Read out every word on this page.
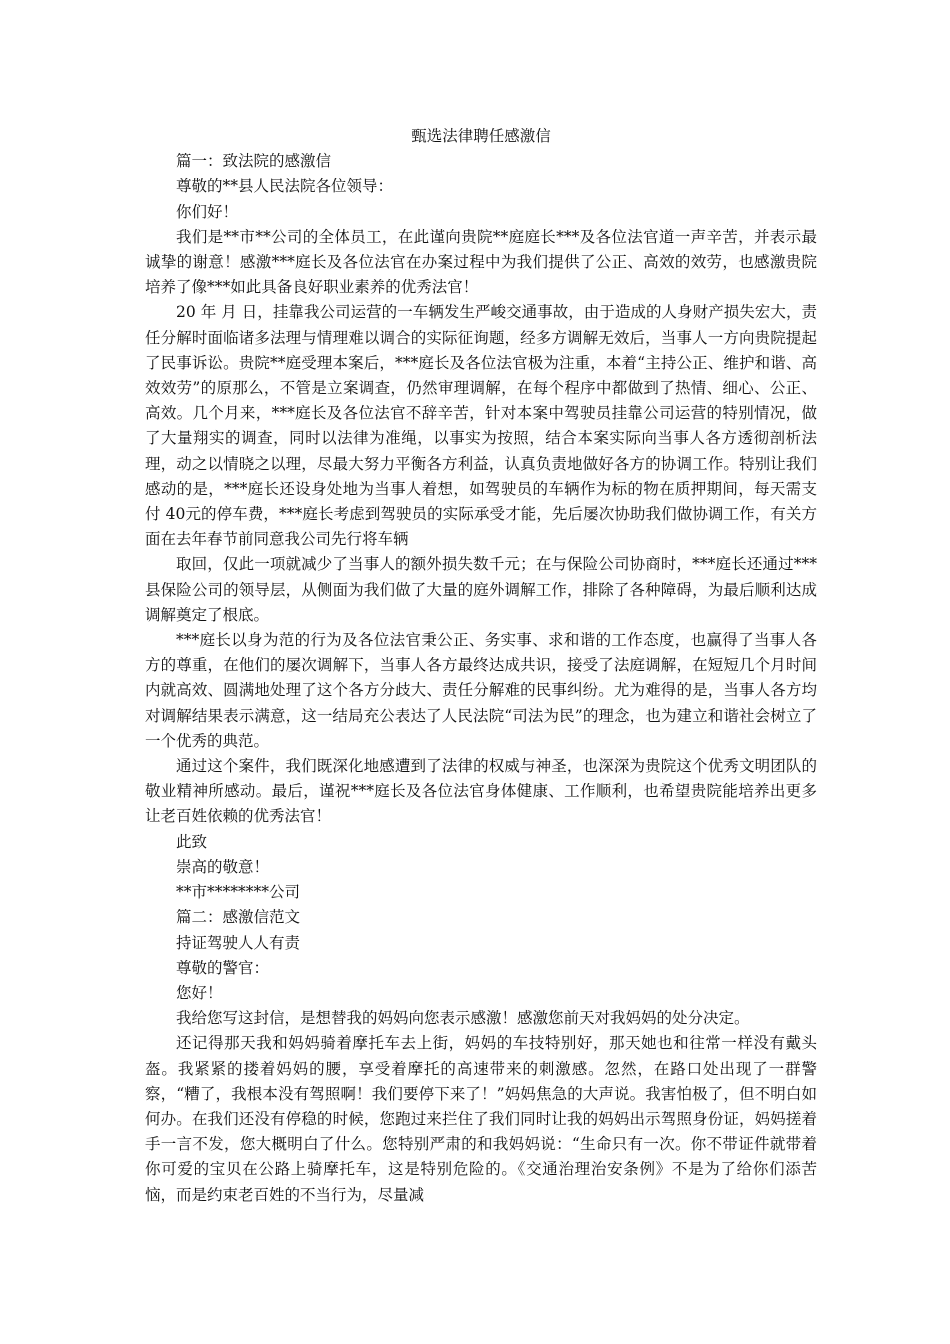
甄选法律聘任感激信

篇一：致法院的感激信

尊敬的**县人民法院各位领导：

你们好！

我们是**市**公司的全体员工，在此谨向贵院**庭庭长***及各位法官道一声辛苦，并表示最诚挚的谢意！感激***庭长及各位法官在办案过程中为我们提供了公正、高效的效劳，也感激贵院培养了像***如此具备良好职业素养的优秀法官！

20 年 月 日，挂靠我公司运营的一车辆发生严峻交通事故，由于造成的人身财产损失宏大，责任分解时面临诸多法理与情理难以调合的实际征询题，经多方调解无效后，当事人一方向贵院提起了民事诉讼。贵院**庭受理本案后，***庭长及各位法官极为注重，本着“主持公正、维护和谐、高效效劳”的原那么，不管是立案调查，仍然审理调解，在每个程序中都做到了热情、细心、公正、高效。几个月来，***庭长及各位法官不辞辛苦，针对本案中驾驶员挂靠公司运营的特别情况，做了大量翔实的调查，同时以法律为准绳，以事实为按照，结合本案实际向当事人各方透彻剖析法理，动之以情晓之以理，尽最大努力平衡各方利益，认真负责地做好各方的协调工作。特别让我们感动的是，***庭长还设身处地为当事人着想，如驾驶员的车辆作为标的物在质押期间，每天需支付 40元的停车费，***庭长考虑到驾驶员的实际承受才能，先后屡次协助我们做协调工作，有关方面在去年春节前同意我公司先行将车辆

取回，仅此一项就减少了当事人的额外损失数千元；在与保险公司协商时，***庭长还通过***县保险公司的领导层，从侧面为我们做了大量的庭外调解工作，排除了各种障碍，为最后顺利达成调解奠定了根底。

***庭长以身为范的行为及各位法官秉公正、务实事、求和谐的工作态度，也赢得了当事人各方的尊重，在他们的屡次调解下，当事人各方最终达成共识，接受了法庭调解，在短短几个月时间内就高效、圆满地处理了这个各方分歧大、责任分解难的民事纠纷。尤为难得的是，当事人各方均对调解结果表示满意，这一结局充公表达了人民法院“司法为民”的理念，也为建立和谐社会树立了一个优秀的典范。

通过这个案件，我们既深化地感遭到了法律的权威与神圣，也深深为贵院这个优秀文明团队的敬业精神所感动。最后，谨祝***庭长及各位法官身体健康、工作顺利，也希望贵院能培养出更多让老百姓依赖的优秀法官！

此致

崇高的敬意！

**市********公司

篇二：感激信范文

持证驾驶人人有责

尊敬的警官：

您好！

我给您写这封信，是想替我的妈妈向您表示感激！感激您前天对我妈妈的处分决定。

还记得那天我和妈妈骑着摩托车去上街，妈妈的车技特别好，那天她也和往常一样没有戴头盔。我紧紧的搂着妈妈的腰，享受着摩托的高速带来的刺激感。忽然，在路口处出现了一群警察，“糟了，我根本没有驾照啊！我们要停下来了！”妈妈焦急的大声说。我害怕极了，但不明白如何办。在我们还没有停稳的时候，您跑过来拦住了我们同时让我的妈妈出示驾照身份证，妈妈搓着手一言不发，您大概明白了什么。您特别严肃的和我妈妈说：“生命只有一次。你不带证件就带着你可爱的宝贝在公路上骑摩托车，这是特别危险的。《交通治理治安条例》不是为了给你们添苦恼，而是约束老百姓的不当行为，尽量减
